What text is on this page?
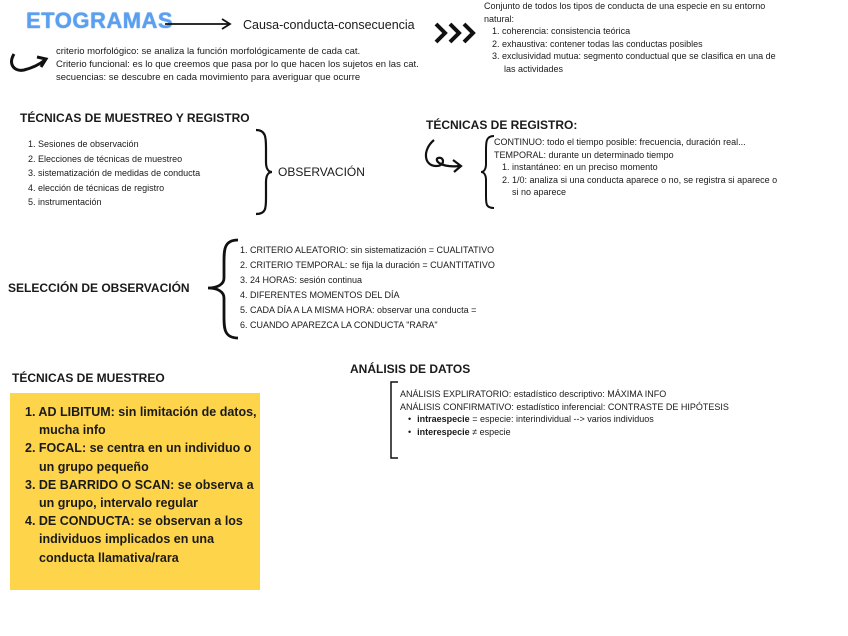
ETOGRAMAS	Causa-conducta-consecuencia
Conjunto de todos los tipos de conducta de una especie en su entorno
natural:
1. coherencia: consistencia teórica
2. exhaustiva: contener todas las conductas posibles
3. exclusividad mutua: segmento conductual que se clasifica en una de
las actividades
criterio morfológico: se analiza la función morfológicamente de cada cat.
Criterio funcional: es lo que creemos que pasa por lo que hacen los sujetos en las cat.
secuencias: se descubre en cada movimiento para averiguar que ocurre
TÉCNICAS DE MUESTREO Y REGISTRO
1. Sesiones de observación
2. Elecciones de técnicas de muestreo
3. sistematización de medidas de conducta
4. elección de técnicas de registro
5. instrumentación
OBSERVACIÓN
TÉCNICAS DE REGISTRO:
CONTINUO: todo el tiempo posible: frecuencia, duración real...
TEMPORAL: durante un determinado tiempo
1. instantáneo: en un preciso momento
2. 1/0: analiza si una conducta aparece o no, se registra si aparece o
si no aparece
SELECCIÓN DE OBSERVACIÓN
1. CRITERIO ALEATORIO: sin sistematización = CUALITATIVO
2. CRITERIO TEMPORAL: se fija la duración = CUANTITATIVO
3. 24 HORAS: sesión continua
4. DIFERENTES MOMENTOS DEL DÍA
5. CADA DÍA A LA MISMA HORA: observar una conducta =
6. CUANDO APAREZCA LA CONDUCTA "RARA"
TÉCNICAS DE MUESTREO
1. AD LIBITUM: sin limitación de datos,
mucha info
2. FOCAL: se centra en un individuo o
un grupo pequeño
3. DE BARRIDO O SCAN: se observa a
un grupo, intervalo regular
4. DE CONDUCTA: se observan a los
individuos implicados en una
conducta llamativa/rara
ANÁLISIS DE DATOS
ANÁLISIS EXPLIRATORIO: estadístico descriptivo: MÁXIMA INFO
ANÁLISIS CONFIRMATIVO: estadístico inferencial: CONTRASTE DE HIPÓTESIS
• intraespecie = especie: interindividual --> varios individuos
• interespecie ≠ especie
